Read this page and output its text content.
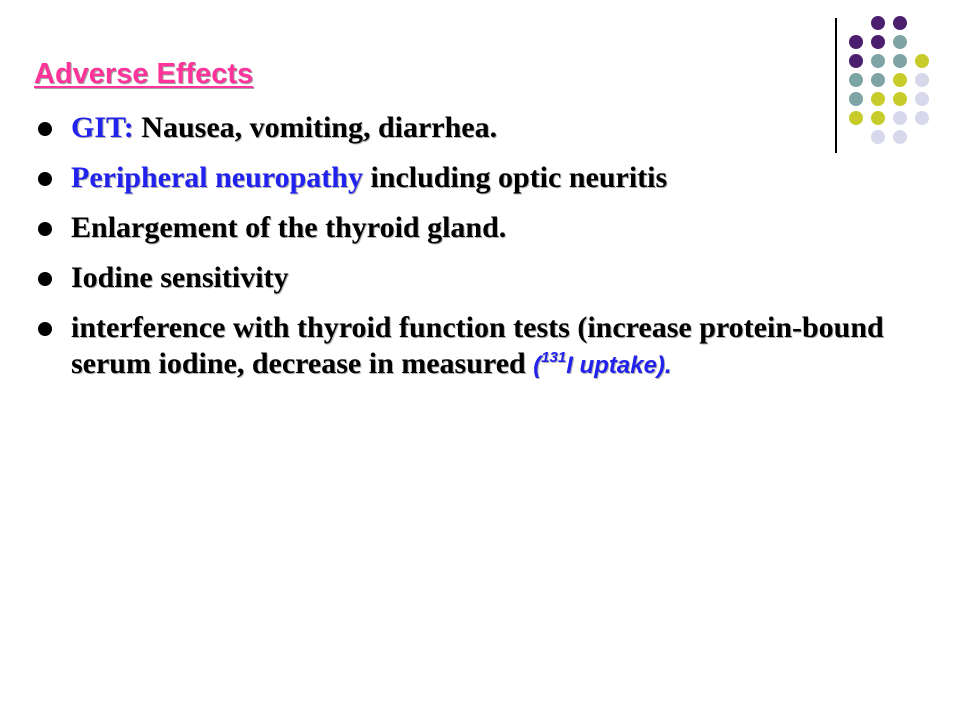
Adverse Effects
GIT: Nausea, vomiting, diarrhea.
Peripheral neuropathy including optic neuritis
Enlargement of the thyroid gland.
Iodine sensitivity
interference with thyroid function tests (increase protein-bound serum iodine, decrease in measured ($^{131}$I uptake).
